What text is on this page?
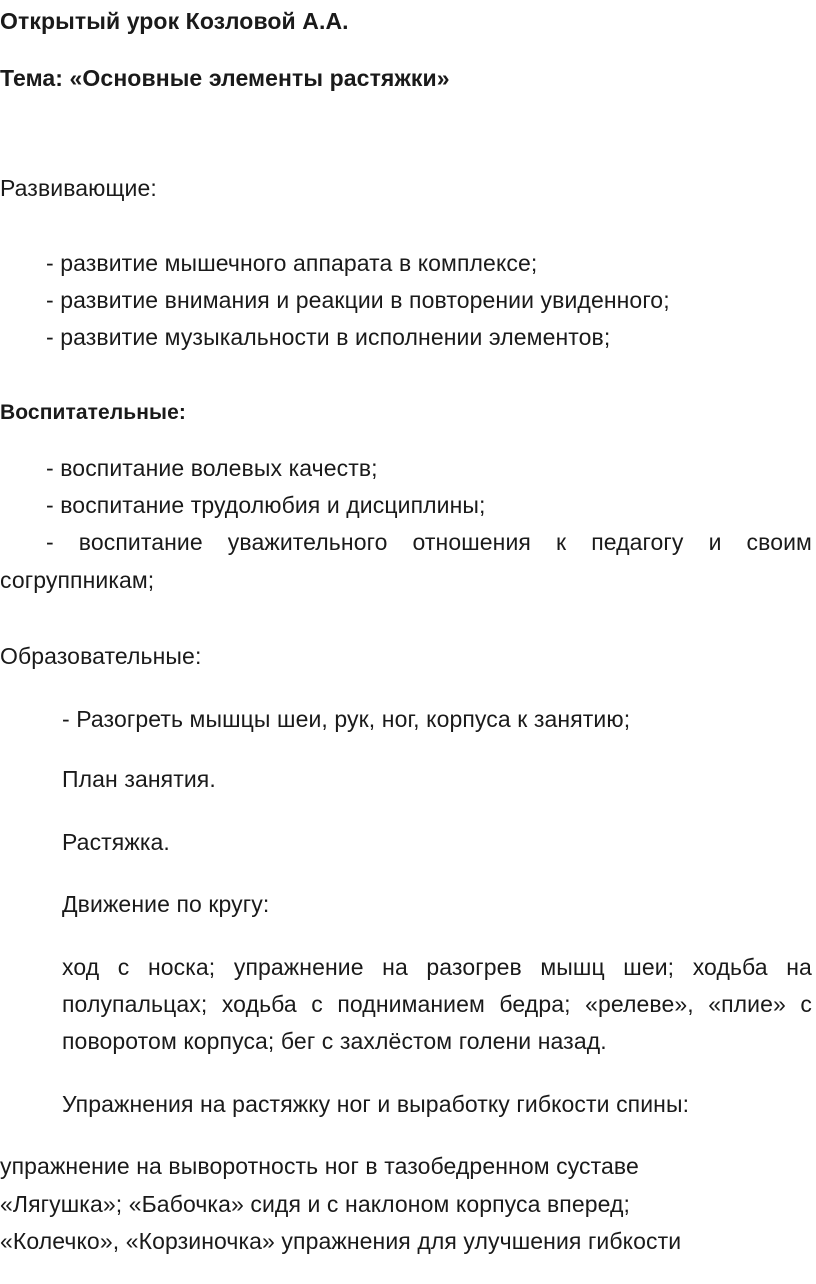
Открытый урок Козловой А.А.
Тема: «Основные элементы растяжки»
Развивающие:
- развитие мышечного аппарата в комплексе;
- развитие внимания и реакции в повторении увиденного;
- развитие музыкальности в исполнении элементов;
Воспитательные:
- воспитание волевых качеств;
- воспитание трудолюбия и дисциплины;
- воспитание уважительного отношения к педагогу и своим
согруппникам;
Образовательные:
- Разогреть мышцы шеи, рук, ног, корпуса к занятию;
План занятия.
Растяжка.
Движение по кругу:
ход с носка; упражнение на разогрев мышц шеи; ходьба на
полупальцах; ходьба с подниманием бедра; «релеве», «плие» с
поворотом корпуса; бег с захлёстом голени назад.
Упражнения на растяжку ног и выработку гибкости спины:
упражнение на выворотность ног в тазобедренном суставе
«Лягушка»; «Бабочка» сидя и с наклоном корпуса вперед;
«Колечко», «Корзиночка» упражнения для улучшения гибкости
